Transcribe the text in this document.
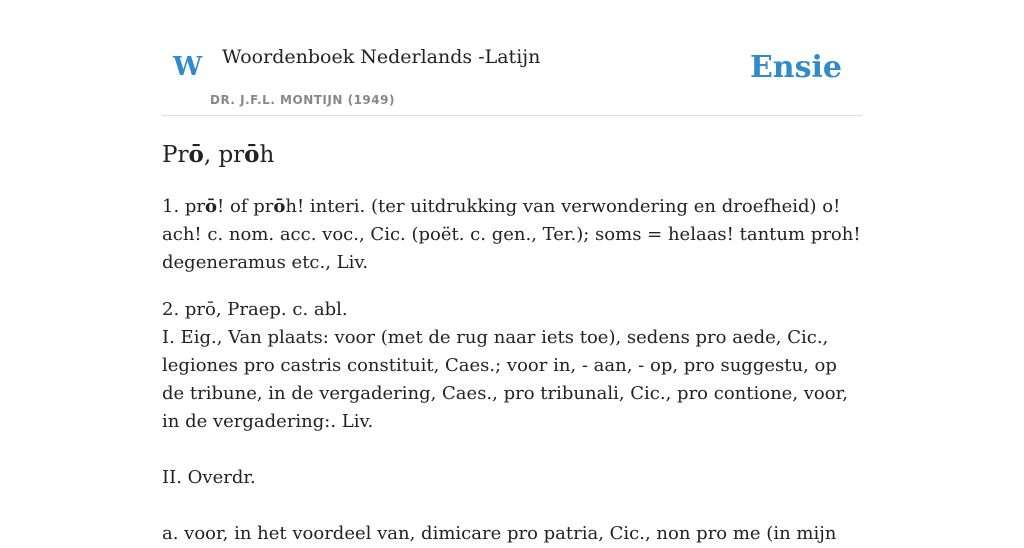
W Woordenboek Nederlands -Latijn
DR. J.F.L. MONTIJN (1949)
Ensie
Prō, prōh

1. prō! of prōh! interi. (ter uitdrukking van verwondering en droefheid) o! ach! c. nom. acc. voc., Cic. (poët. c. gen., Ter.); soms = helaas! tantum proh! degeneramus etc., Liv.

2. prō, Praep. c. abl.

I. Eig., Van plaats: voor (met de rug naar iets toe), sedens pro aede, Cic., legiones pro castris constituit, Caes.; voor in, - aan, - op, pro suggestu, op de tribune, in de vergadering, Caes., pro tribunali, Cic., pro contione, voor, in de vergadering:. Liv.

II. Overdr.

a. voor, in het voordeel van, dimicare pro patria, Cic., non pro me (in mijn
